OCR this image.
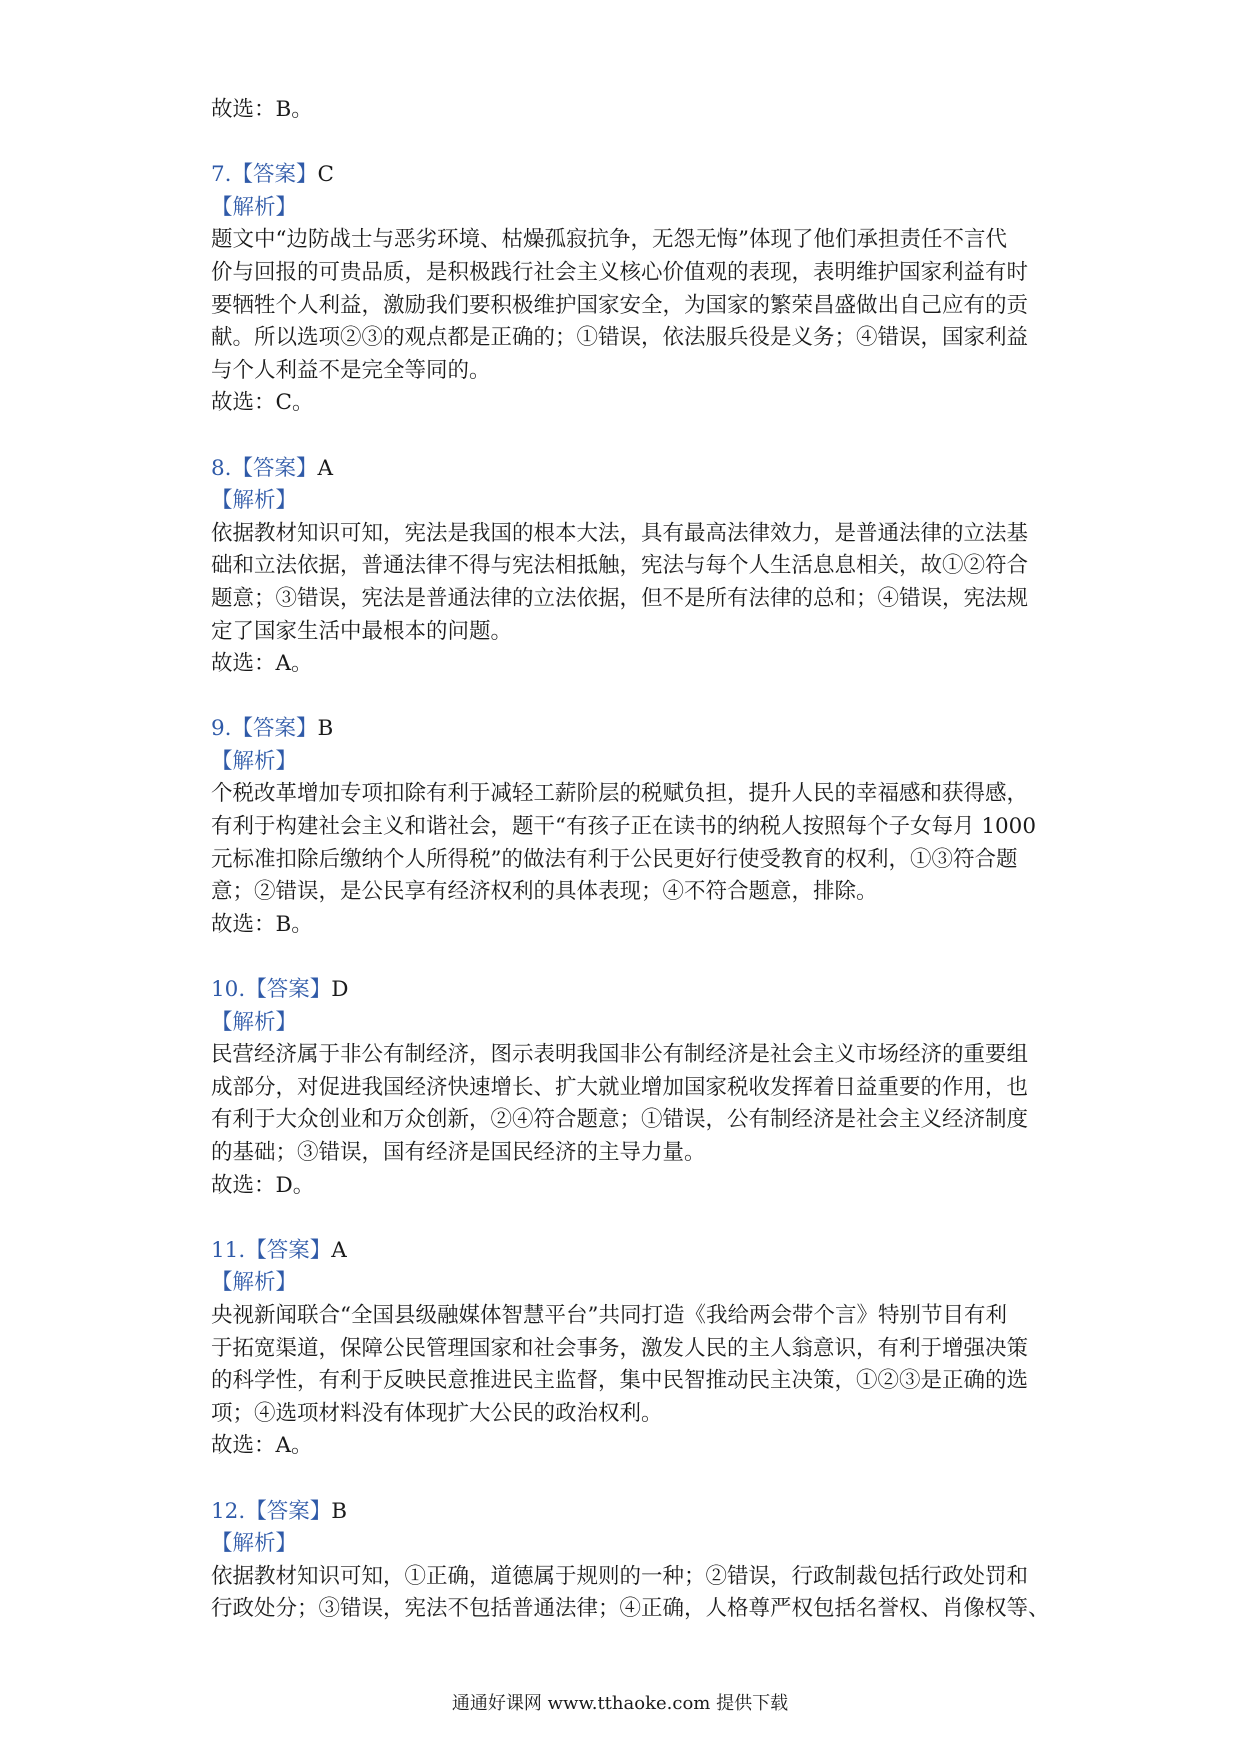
故选：B。
7.【答案】C
【解析】
题文中“边防战士与恶劣环境、枯燥孤寂抗争，无怨无悔”体现了他们承担责任不言代
价与回报的可贵品质，是积极践行社会主义核心价值观的表现，表明维护国家利益有时
要牺牲个人利益，激励我们要积极维护国家安全，为国家的繁荣昌盛做出自己应有的贡
献。所以选项②③的观点都是正确的；①错误，依法服兵役是义务；④错误，国家利益
与个人利益不是完全等同的。
故选：C。
8.【答案】A
【解析】
依据教材知识可知，宪法是我国的根本大法，具有最高法律效力，是普通法律的立法基
础和立法依据，普通法律不得与宪法相抵触，宪法与每个人生活息息相关，故①②符合
题意；③错误，宪法是普通法律的立法依据，但不是所有法律的总和；④错误，宪法规
定了国家生活中最根本的问题。
故选：A。
9.【答案】B
【解析】
个税改革增加专项扣除有利于减轻工薪阶层的税赋负担，提升人民的幸福感和获得感，
有利于构建社会主义和谐社会，题干“有孩子正在读书的纳税人按照每个子女每月 1000
元标准扣除后缴纳个人所得税”的做法有利于公民更好行使受教育的权利，①③符合题
意；②错误，是公民享有经济权利的具体表现；④不符合题意，排除。
故选：B。
10.【答案】D
【解析】
民营经济属于非公有制经济，图示表明我国非公有制经济是社会主义市场经济的重要组
成部分，对促进我国经济快速增长、扩大就业增加国家税收发挥着日益重要的作用，也
有利于大众创业和万众创新，②④符合题意；①错误，公有制经济是社会主义经济制度
的基础；③错误，国有经济是国民经济的主导力量。
故选：D。
11.【答案】A
【解析】
央视新闻联合“全国县级融媒体智慧平台”共同打造《我给两会带个言》特别节目有利
于拓宽渠道，保障公民管理国家和社会事务，激发人民的主人翁意识，有利于增强决策
的科学性，有利于反映民意推进民主监督，集中民智推动民主决策，①②③是正确的选
项；④选项材料没有体现扩大公民的政治权利。
故选：A。
12.【答案】B
【解析】
依据教材知识可知，①正确，道德属于规则的一种；②错误，行政制裁包括行政处罚和
行政处分；③错误，宪法不包括普通法律；④正确，人格尊严权包括名誉权、肖像权等、
通通好课网 www.tthaoke.com 提供下载
